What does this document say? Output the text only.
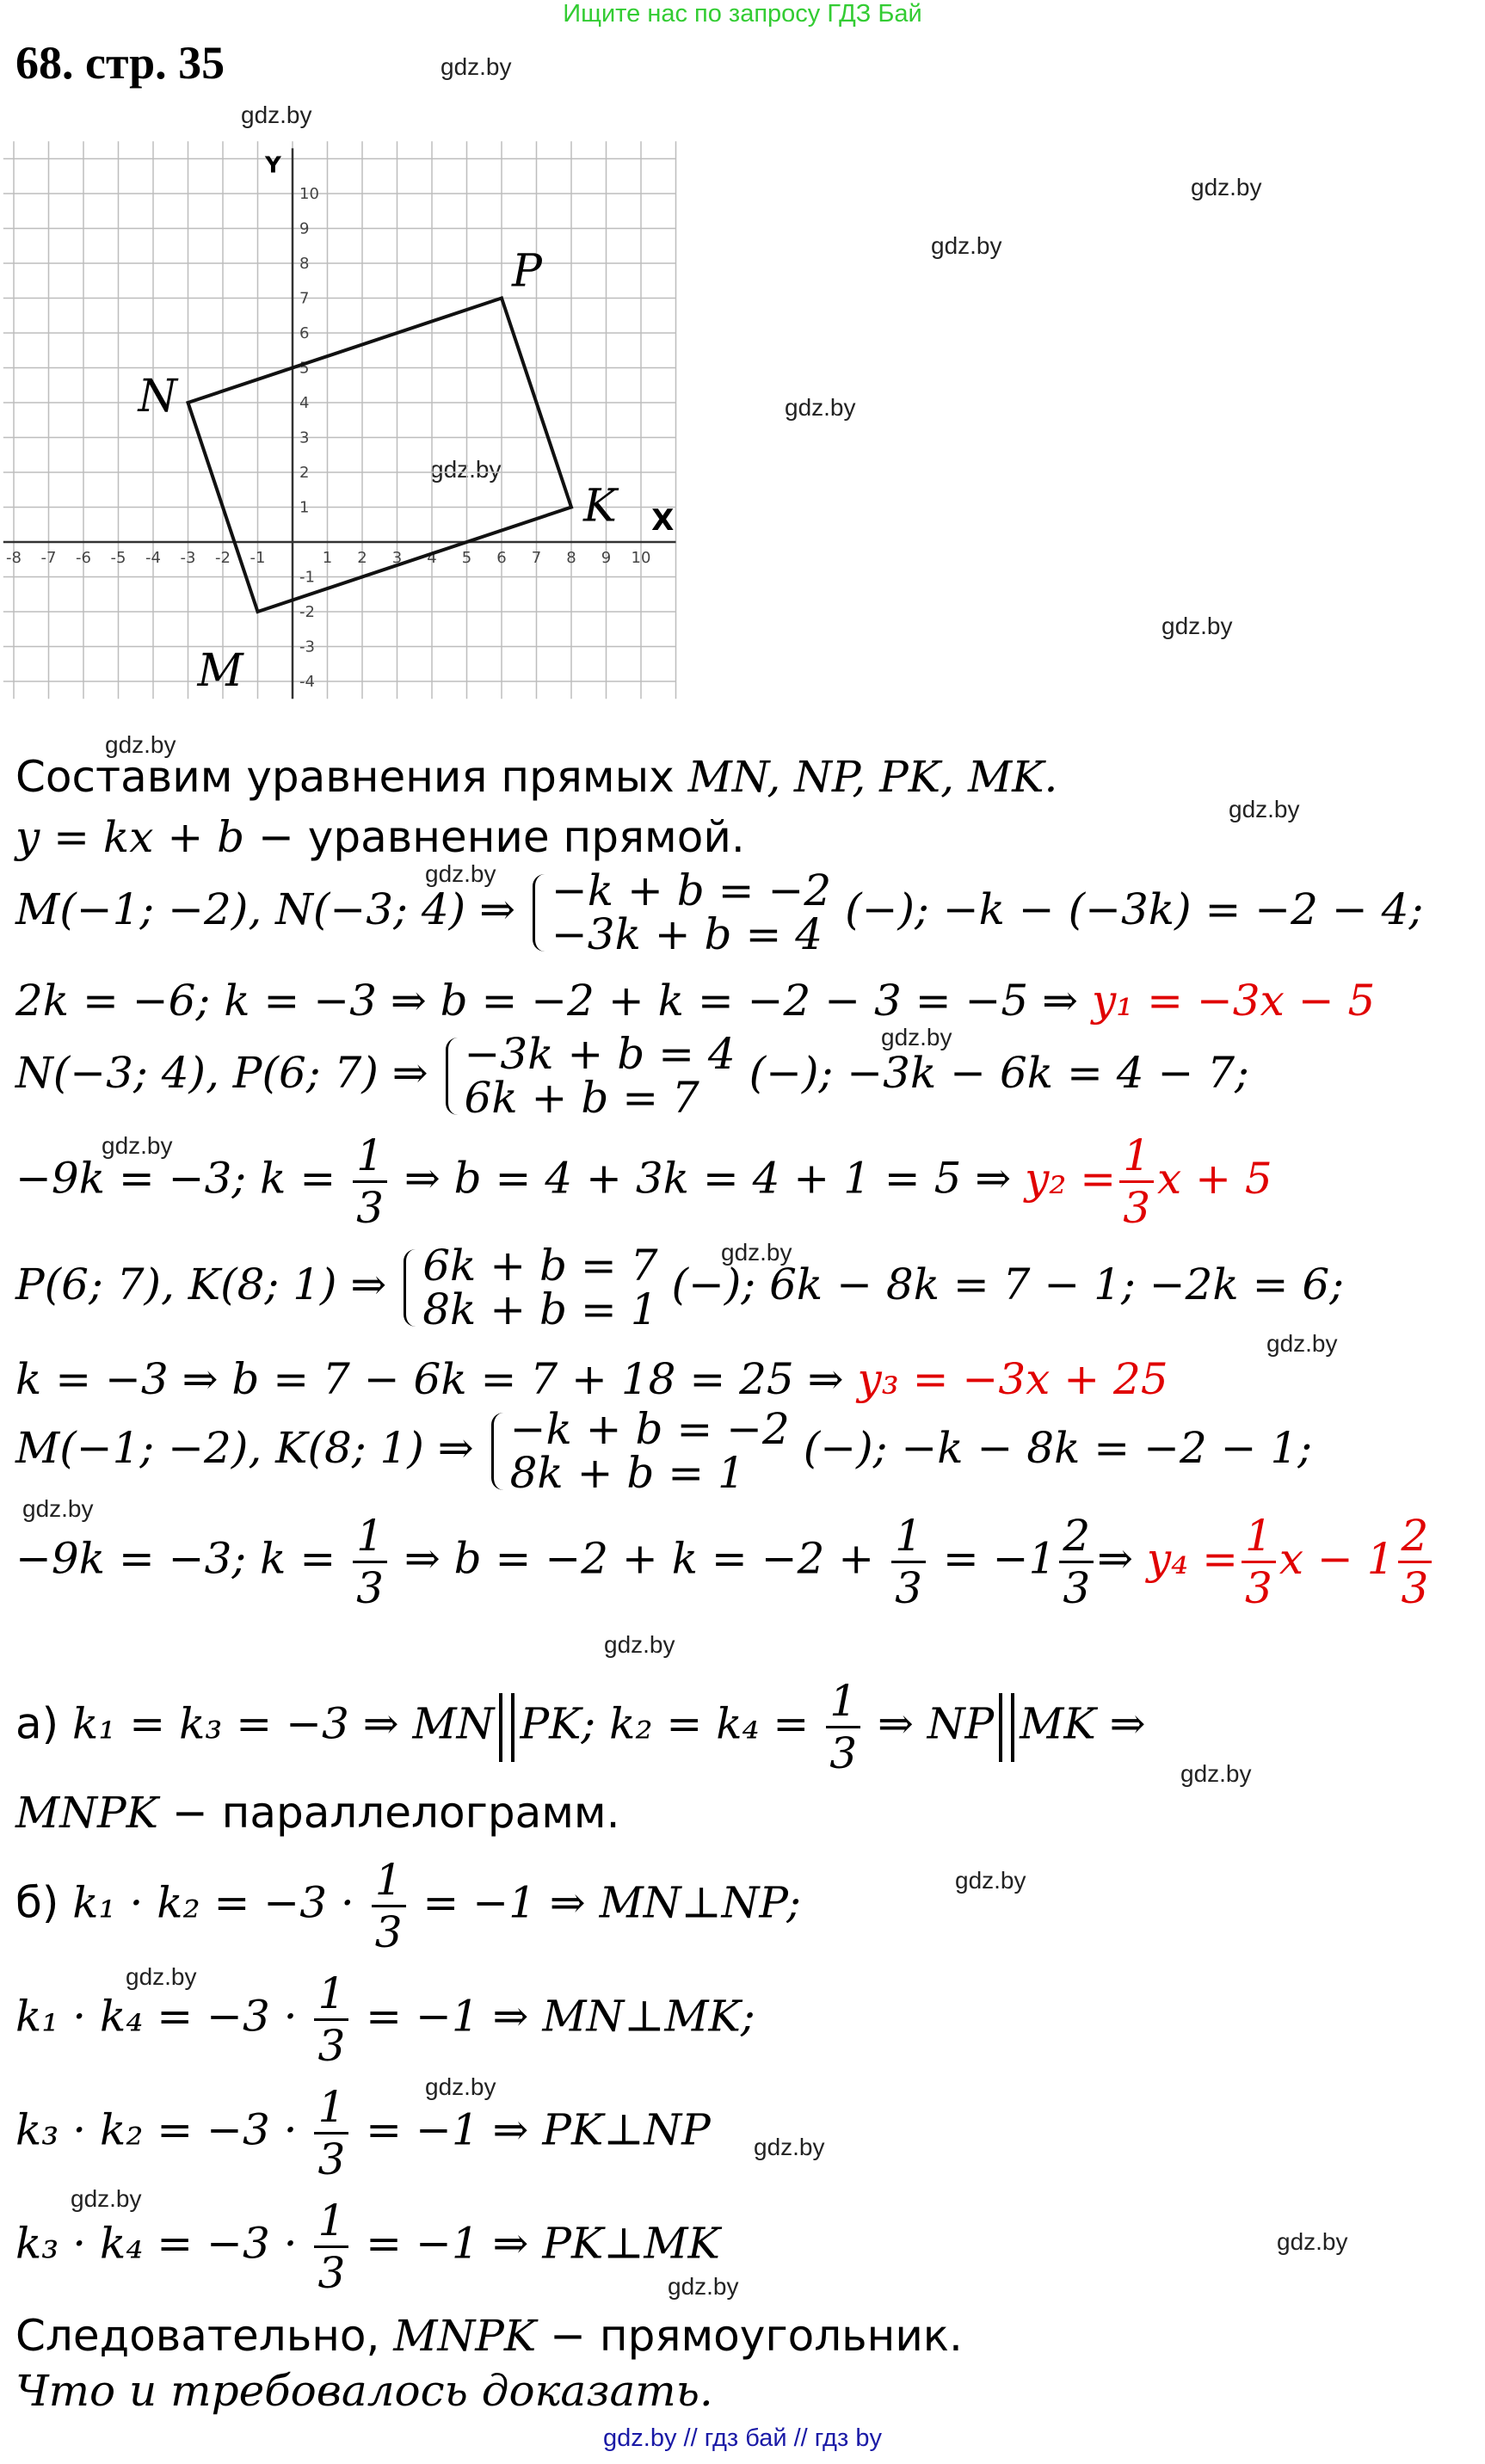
Ищите нас по запросу ГДЗ Бай
68. стр. 35	gdz.by
gdz.by
gdz.by
gdz.by
gdz.by
gdz.by
gdz.by
gdz.by
gdz.by
gdz.by
gdz.by
gdz.by
gdz.by
gdz.by
gdz.by
gdz.by
gdz.by
gdz.by
gdz.by
gdz.by
gdz.by
gdz.by
gdz.by
gdz.by
X
Y
-8 -7 -6 -5 -4 -3 -2 -1	1 2 3 4 5 6 7 8 9 10
10
9
8
7
6
5
4
3
2
1
-1
-2
-3
-4
N
P
K
M
Составим уравнения прямых MN, NP, PK, MK.
y = kx + b − уравнение прямой.
M(−1; −2), N(−3; 4) ⇒ −k + b = −2
−3k + b = 4 (−); −k − (−3k) = −2 − 4;
2k = −6; k = −3 ⇒ b = −2 + k = −2 − 3 = −5 ⇒ y₁ = −3x − 5
N(−3; 4), P(6; 7) ⇒ −3k + b = 4
6k + b = 7	(−); −3k − 6k = 4 − 7;
−9k = −3; $k = \frac{1}{3}$ ⇒ b = 4 + 3k = 4 + 1 = 5 ⇒ $y_2 = \frac{1}{3}$ x + 5
P(6; 7), K(8; 1) ⇒ 6k + b = 7
8k + b = 1 (−); 6k − 8k = 7 − 1; −2k = 6;
k = −3 ⇒ b = 7 − 6k = 7 + 18 = 25 ⇒ y₃ = −3x + 25
M(−1; −2), K(8; 1) ⇒ −k + b = −2
8k + b = 1	(−); −k − 8k = −2 − 1;
−9k = −3; $k = \frac{1}{3}$ ⇒ $b = -2 + k = -2 + \frac{1}{3} = -1 \frac{2}{3}$ ⇒ $y_4 = \frac{1}{3}$ $x - 1 \frac{2}{3}$
а) k₁ = k₃ = −3 ⇒ MN PK; $k_2 = k_4 = \frac{1}{3}$ ⇒ NP MK ⇒
MNPK − параллелограмм.
б) $k_1 \cdot k_2 = -3 \cdot \frac{1}{3} = -1$ ⇒ MN⊥NP;
$k_1 \cdot k_4 = -3 \cdot \frac{1}{3} = -1$ ⇒ MN⊥MK;
$k_3 \cdot k_2 = -3 \cdot \frac{1}{3} = -1$ ⇒ PK⊥NP
$k_3 \cdot k_4 = -3 \cdot \frac{1}{3} = -1$ ⇒ PK⊥MK
Следовательно, MNPK − прямоугольник.
Что и требовалось доказать.
gdz.by // гдз бай // гдз by
